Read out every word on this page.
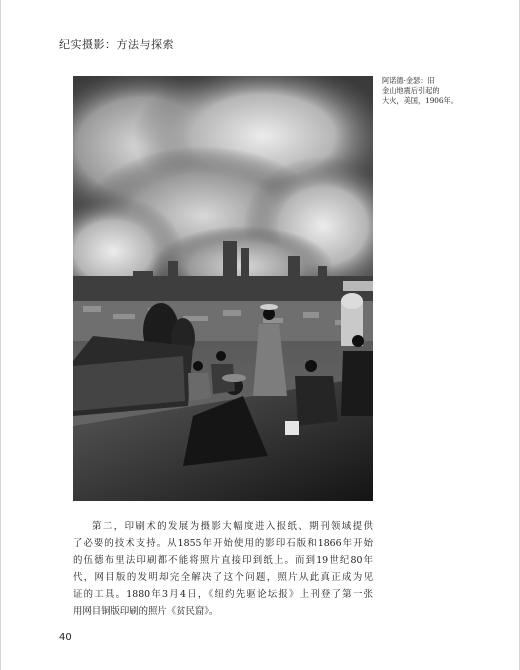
纪实摄影：方法与探索
阿诺德·金瑟：旧
金山地震后引起的
大火，美国，1906年。
第二，印刷术的发展为摄影大幅度进入报纸、期刊领域提供
了必要的技术支持。从1855年开始使用的影印石版和1866年开始
的伍德布里法印刷都不能将照片直接印到纸上。而到19世纪80年
代，网目版的发明却完全解决了这个问题，照片从此真正成为见
证的工具。1880年3月4日，《纽约先驱论坛报》上刊登了第一张
用网目铜版印刷的照片《贫民窟》。
40
